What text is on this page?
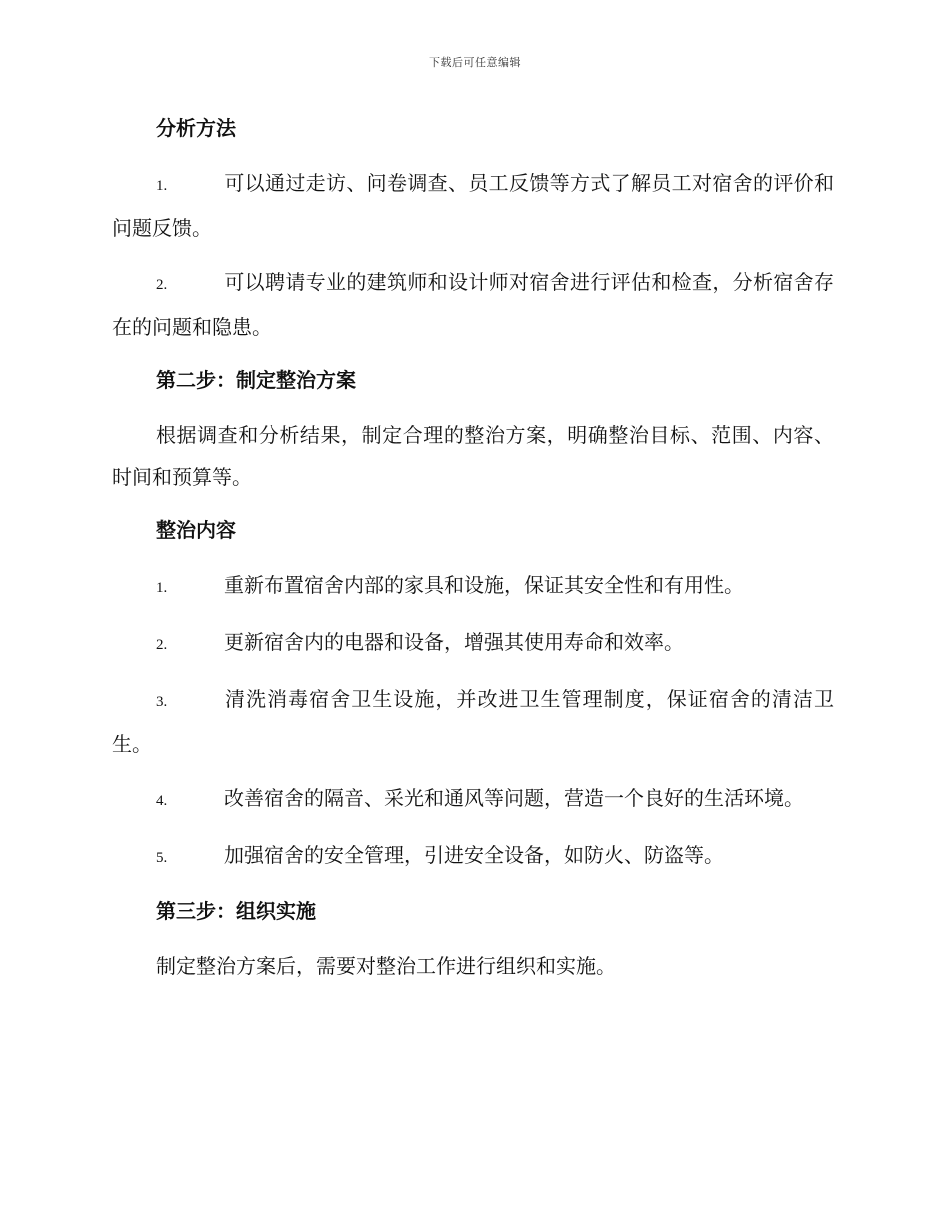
下载后可任意编辑
分析方法
1.	可以通过走访、问卷调查、员工反馈等方式了解员工对宿舍的评价和问题反馈。
2.	可以聘请专业的建筑师和设计师对宿舍进行评估和检查，分析宿舍存在的问题和隐患。
第二步：制定整治方案
根据调查和分析结果，制定合理的整治方案，明确整治目标、范围、内容、时间和预算等。
整治内容
1.	重新布置宿舍内部的家具和设施，保证其安全性和有用性。
2.	更新宿舍内的电器和设备，增强其使用寿命和效率。
3.	清洗消毒宿舍卫生设施，并改进卫生管理制度，保证宿舍的清洁卫生。
4.	改善宿舍的隔音、采光和通风等问题，营造一个良好的生活环境。
5.	加强宿舍的安全管理，引进安全设备，如防火、防盗等。
第三步：组织实施
制定整治方案后，需要对整治工作进行组织和实施。
